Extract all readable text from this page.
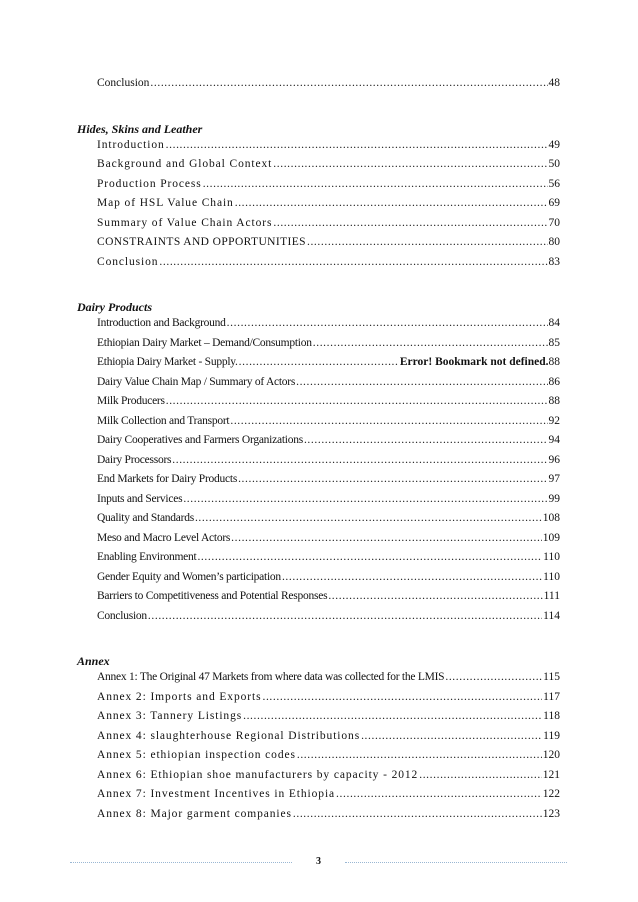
Conclusion .....	48
Hides, Skins and Leather
Introduction .....	49
Background and Global Context .....	50
Production Process .....	56
Map of HSL Value Chain .....	69
Summary of Value Chain Actors .....	70
CONSTRAINTS AND OPPORTUNITIES .....	80
Conclusion .....	83
Dairy Products
Introduction and Background .....	84
Ethiopian Dairy Market – Demand/Consumption .....	85
Ethiopia Dairy Market - Supply. .....	Error! Bookmark not defined. 88
Dairy Value Chain Map / Summary of Actors .....	86
Milk Producers .....	88
Milk Collection and Transport .....	92
Dairy Cooperatives and Farmers Organizations .....	94
Dairy Processors .....	96
End Markets for Dairy Products .....	97
Inputs and Services .....	99
Quality and Standards .....	108
Meso and Macro Level Actors .....	109
Enabling Environment .....	110
Gender Equity and Women’s participation .....	110
Barriers to Competitiveness and Potential Responses .....	111
Conclusion .....	114
Annex
Annex 1: The Original 47 Markets from where data was collected for the LMIS .....	115
Annex 2: Imports and Exports .....	117
Annex 3: Tannery Listings .....	118
Annex 4: slaughterhouse Regional Distributions .....	119
Annex 5: ethiopian inspection codes .....	120
Annex 6: Ethiopian shoe manufacturers by capacity - 2012 .....	121
Annex 7: Investment Incentives in Ethiopia .....	122
Annex 8: Major garment companies .....	123
3
